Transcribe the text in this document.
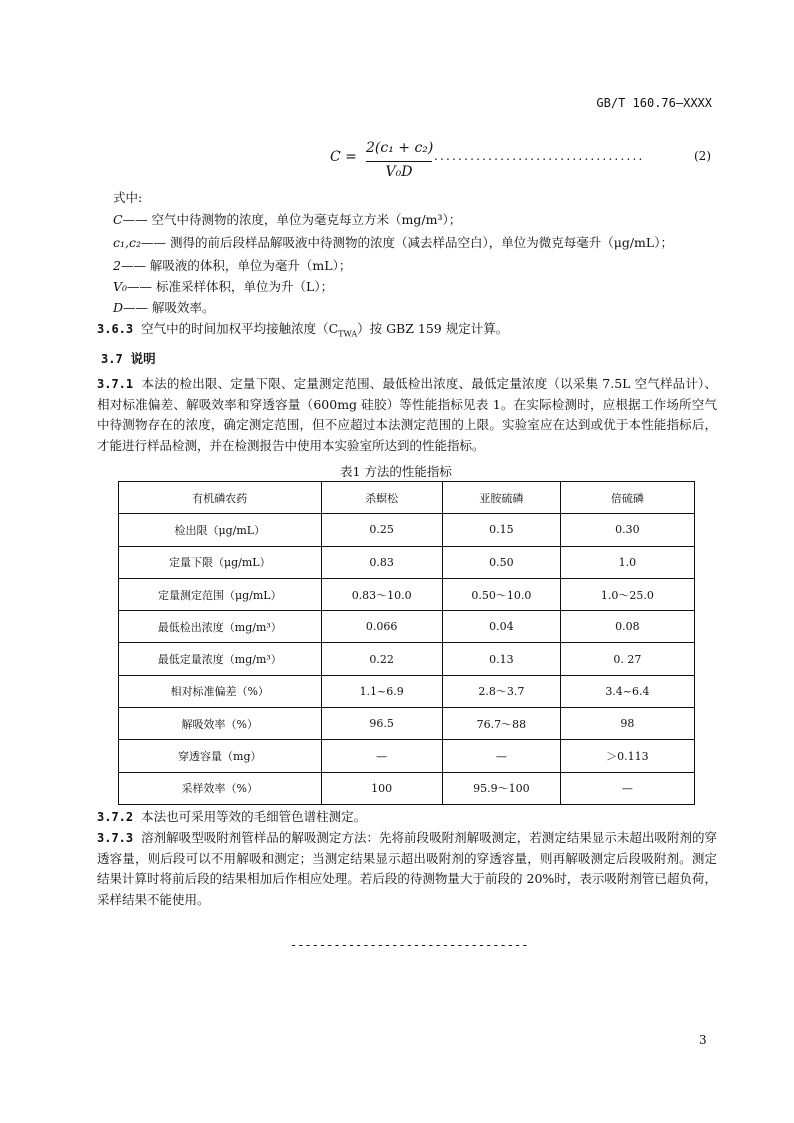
GB/T 160.76—XXXX
C =
2(c₁ + c₂)
V₀D
...................................	(2)
式中:
C—— 空气中待测物的浓度，单位为毫克每立方米（mg/m³）；
c₁,c₂—— 测得的前后段样品解吸液中待测物的浓度（减去样品空白），单位为微克每毫升（μg/mL）；
2—— 解吸液的体积，单位为毫升（mL）；
V₀—— 标准采样体积，单位为升（L）；
D—— 解吸效率。
3.6.3 空气中的时间加权平均接触浓度$(C_{TWA})$按 GBZ 159 规定计算。
3.7 说明
3.7.1 本法的检出限、定量下限、定量测定范围、最低检出浓度、最低定量浓度（以采集 7.5L 空气样品计）、相对标准偏差、解吸效率和穿透容量（600mg 硅胶）等性能指标见表 1。在实际检测时，应根据工作场所空气中待测物存在的浓度，确定测定范围，但不应超过本法测定范围的上限。实验室应在达到或优于本性能指标后，才能进行样品检测，并在检测报告中使用本实验室所达到的性能指标。
表1 方法的性能指标
有机磷农药	杀螟松	亚胺硫磷	倍硫磷
检出限（μg/mL）	0.25	0.15	0.30
定量下限（μg/mL）	0.83	0.50	1.0
定量测定范围（μg/mL）	0.83～10.0	0.50～10.0	1.0～25.0
最低检出浓度（mg/m³）	0.066	0.04	0.08
最低定量浓度（mg/m³）	0.22	0.13	0. 27
相对标准偏差（%）	1.1~6.9	2.8～3.7	3.4~6.4
解吸效率（%）	96.5	76.7～88	98
穿透容量（mg）	—	—	＞0.113
采样效率（%）	100	95.9～100	—
3.7.2 本法也可采用等效的毛细管色谱柱测定。
3.7.3 溶剂解吸型吸附剂管样品的解吸测定方法：先将前段吸附剂解吸测定，若测定结果显示未超出吸附剂的穿透容量，则后段可以不用解吸和测定；当测定结果显示超出吸附剂的穿透容量，则再解吸测定后段吸附剂。测定结果计算时将前后段的结果相加后作相应处理。若后段的待测物量大于前段的 20%时，表示吸附剂管已超负荷，采样结果不能使用。
---------------------------------
3
